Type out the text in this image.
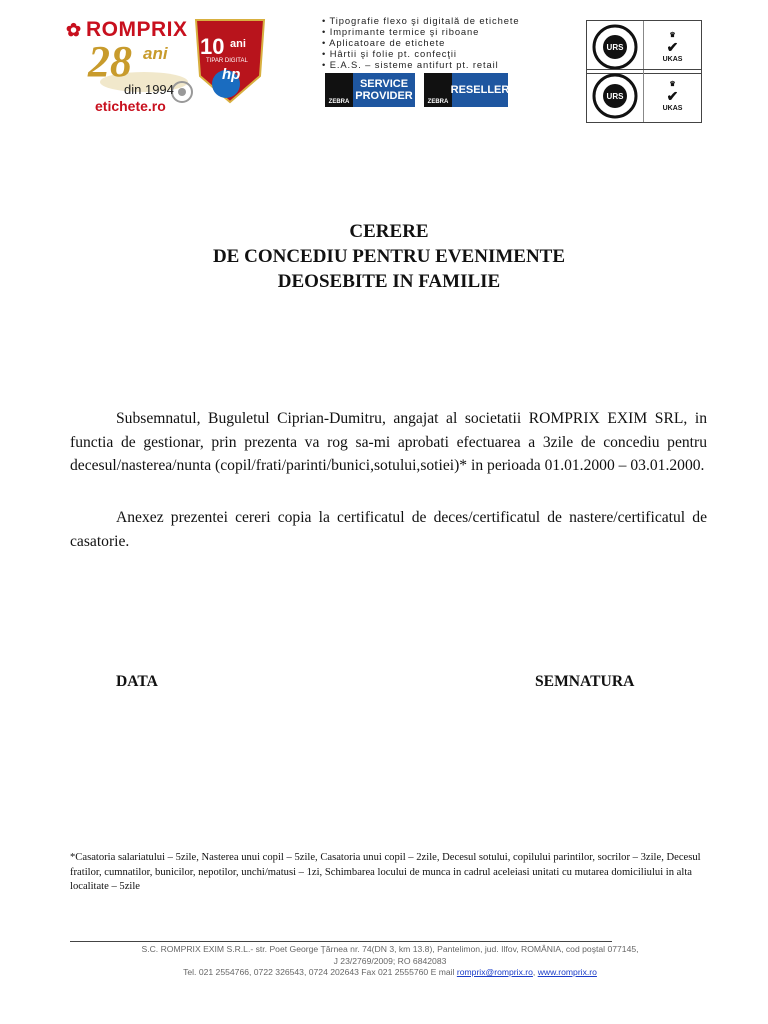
✿ ROMPRIX
28 ani
din 1994
etichete.ro
10 ani
TIPAR DIGITAL
hp
• Tipografie flexo şi digitală de etichete
• Imprimante termice şi riboane
• Aplicatoare de etichete
• Hârtii şi folie pt. confecţii
• E.A.S. – sisteme antifurt pt. retail
ZEBRA
SERVICE
PROVIDER	ZEBRA
RESELLER
URS
♛
✔
UKAS
URS
♛
✔
UKAS
CERERE
DE CONCEDIU PENTRU EVENIMENTE
DEOSEBITE IN FAMILIE

Subsemnatul, Buguletul Ciprian-Dumitru, angajat al societatii ROMPRIX EXIM SRL, in functia de gestionar, prin prezenta va rog sa-mi aprobati efectuarea a 3zile de concediu pentru decesul/nasterea/nunta (copil/frati/parinti/bunici,sotului,sotiei)* in perioada 01.01.2000 – 03.01.2000.

Anexez prezentei cereri copia la certificatul de deces/certificatul de nastere/certificatul de casatorie.

DATA	SEMNATURA

*Casatoria salariatului – 5zile, Nasterea unui copil – 5zile, Casatoria unui copil – 2zile, Decesul sotului, copilului parintilor, socrilor – 3zile, Decesul fratilor, cumnatilor, bunicilor, nepotilor, unchi/matusi – 1zi, Schimbarea locului de munca in cadrul aceleiasi unitati cu mutarea domiciliului in alta localitate – 5zile

S.C. ROMPRIX EXIM S.R.L.- str. Poet George Ţărnea nr. 74(DN 3, km 13.8), Pantelimon, jud. Ilfov, ROMÂNIA, cod poştal 077145,
J 23/2769/2009; RO 6842083
Tel. 021 2554766, 0722 326543, 0724 202643 Fax 021 2555760 E mail romprix@romprix.ro, www.romprix.ro
